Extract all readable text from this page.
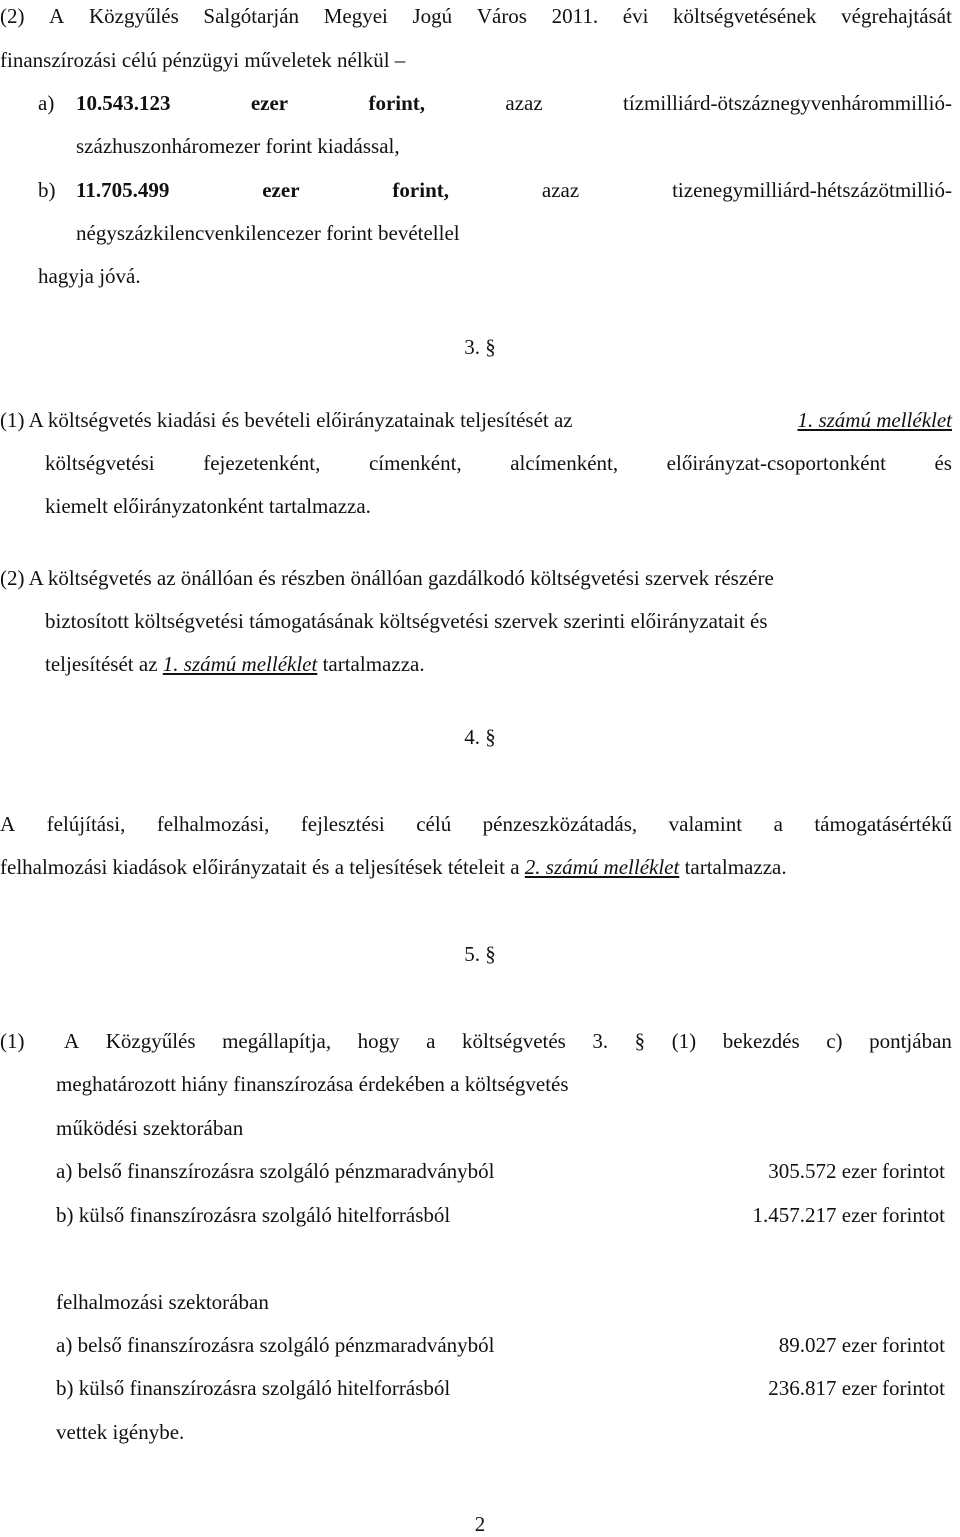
(2) A Közgyűlés Salgótarján Megyei Jogú Város 2011. évi költségvetésének végrehajtását
finanszírozási célú pénzügyi műveletek nélkül –
a) 10.543.123	ezer	forint,	azaz	tízmilliárd-ötszáznegyvenhárommillió-
százhuszonháromezer forint kiadással,
b) 11.705.499	ezer	forint,	azaz	tizenegymilliárd-hétszázötmillió-
négyszázkilencvenkilencezer forint bevétellel
hagyja jóvá.
3. §
(1) A költségvetés kiadási és bevételi előirányzatainak teljesítését az	1. számú melléklet
költségvetési fejezetenként, címenként, alcímenként, előirányzat-csoportonként és
kiemelt előirányzatonként tartalmazza.
(2) A költségvetés az önállóan és részben önállóan gazdálkodó költségvetési szervek részére
biztosított költségvetési támogatásának költségvetési szervek szerinti előirányzatait és
teljesítését az 1. számú melléklet tartalmazza.
4. §
A felújítási, felhalmozási, fejlesztési célú pénzeszközátadás, valamint a támogatásértékű
felhalmozási kiadások előirányzatait és a teljesítések tételeit a 2. számú melléklet tartalmazza.
5. §
(1) A Közgyűlés megállapítja, hogy a költségvetés 3. § (1) bekezdés c) pontjában
meghatározott hiány finanszírozása érdekében a költségvetés
működési szektorában
a) belső finanszírozásra szolgáló pénzmaradványból	305.572 ezer forintot
b) külső finanszírozásra szolgáló hitelforrásból	1.457.217 ezer forintot
felhalmozási szektorában
a) belső finanszírozásra szolgáló pénzmaradványból	89.027 ezer forintot
b) külső finanszírozásra szolgáló hitelforrásból	236.817 ezer forintot
vettek igénybe.
2
